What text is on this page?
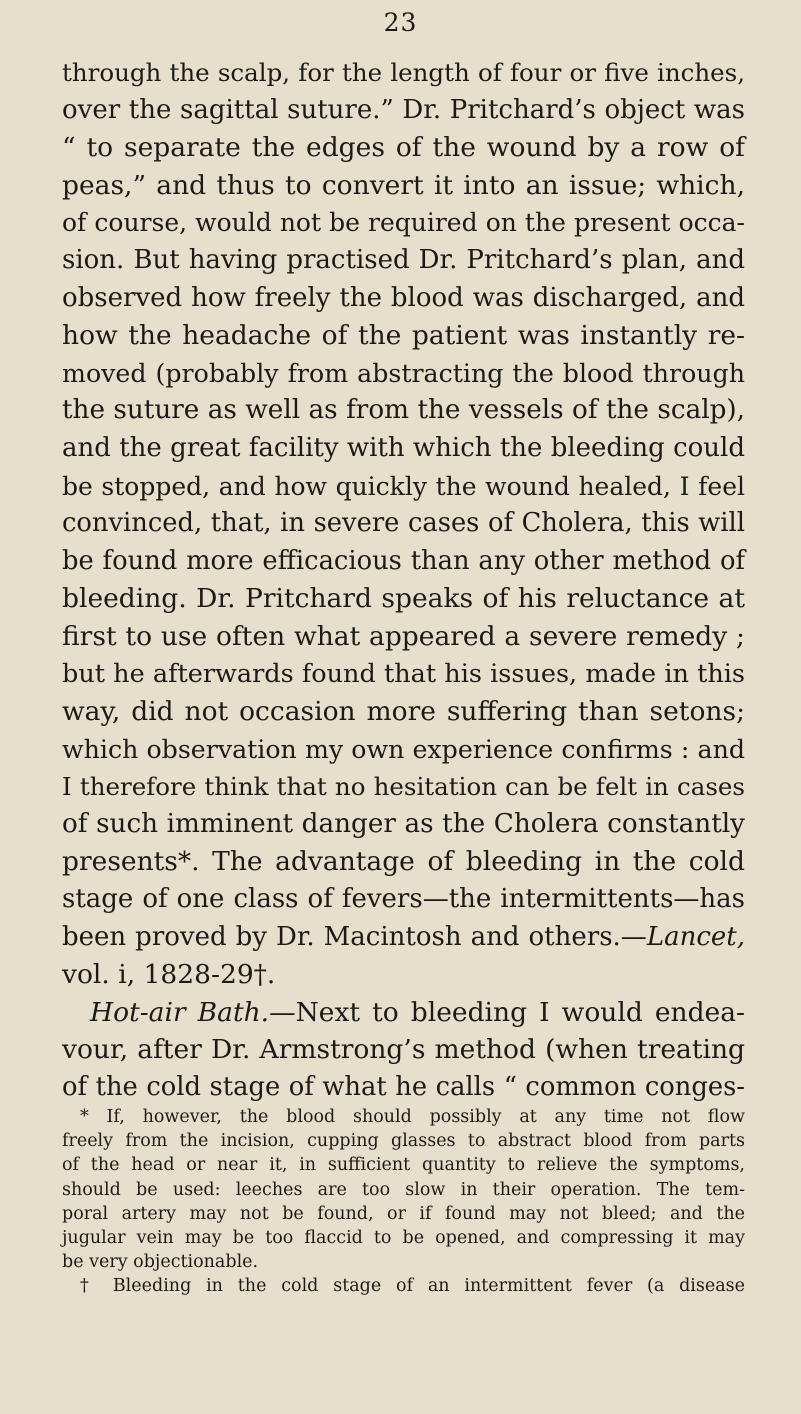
23
through the scalp, for the length of four or five inches,
over the sagittal suture.” Dr. Pritchard’s object was
“ to separate the edges of the wound by a row of
peas,” and thus to convert it into an issue; which,
of course, would not be required on the present occa-
sion. But having practised Dr. Pritchard’s plan, and
observed how freely the blood was discharged, and
how the headache of the patient was instantly re-
moved (probably from abstracting the blood through
the suture as well as from the vessels of the scalp),
and the great facility with which the bleeding could
be stopped, and how quickly the wound healed, I feel
convinced, that, in severe cases of Cholera, this will
be found more efficacious than any other method of
bleeding. Dr. Pritchard speaks of his reluctance at
first to use often what appeared a severe remedy ;
but he afterwards found that his issues, made in this
way, did not occasion more suffering than setons;
which observation my own experience confirms : and
I therefore think that no hesitation can be felt in cases
of such imminent danger as the Cholera constantly
presents*. The advantage of bleeding in the cold
stage of one class of fevers—the intermittents—has
been proved by Dr. Macintosh and others.—Lancet,
vol. i, 1828-29†.
Hot-air Bath.—Next to bleeding I would endea-
vour, after Dr. Armstrong’s method (when treating
of the cold stage of what he calls “ common conges-
* If, however, the blood should possibly at any time not flow
freely from the incision, cupping glasses to abstract blood from parts
of the head or near it, in sufficient quantity to relieve the symptoms,
should be used: leeches are too slow in their operation. The tem-
poral artery may not be found, or if found may not bleed; and the
jugular vein may be too flaccid to be opened, and compressing it may
be very objectionable.
† Bleeding in the cold stage of an intermittent fever (a disease
